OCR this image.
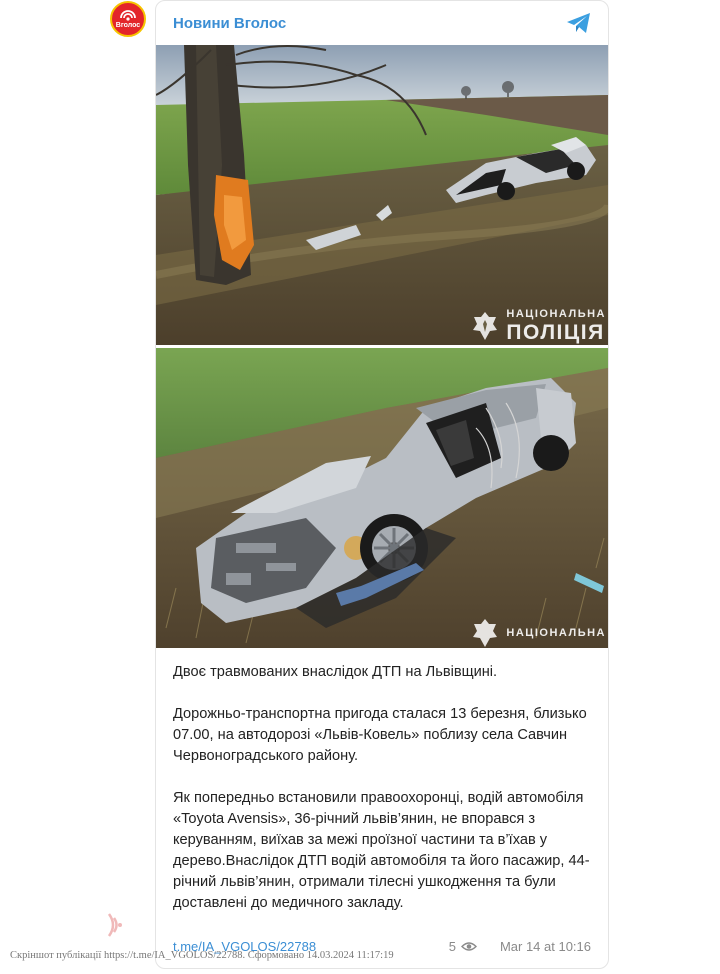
Вголос Новини Вголос
НАЦІОНАЛЬНА
ПОЛІЦІЯ
НАЦІОНАЛЬНА

Двоє травмованих внаслідок ДТП на Львівщині.

Дорожньо-транспортна пригода сталася 13 березня, близько 07.00, на автодорозі «Львів-Ковель» поблизу села Савчин Червоноградського району.

Як попередньо встановили правоохоронці, водій автомобіля «Toyota Avensis», 36-річний львів’янин, не впорався з керуванням, виїхав за межі проїзної частини та в’їхав у дерево.Внаслідок ДТП водій автомобіля та його пасажир, 44-річний львів’янин, отримали тілесні ушкодження та були доставлені до медичного закладу.

t.me/IA_VGOLOS/22788	5	Mar 14 at 10:16
Скріншот публікації https://t.me/IA_VGOLOS/22788. Сформовано 14.03.2024 11:17:19
